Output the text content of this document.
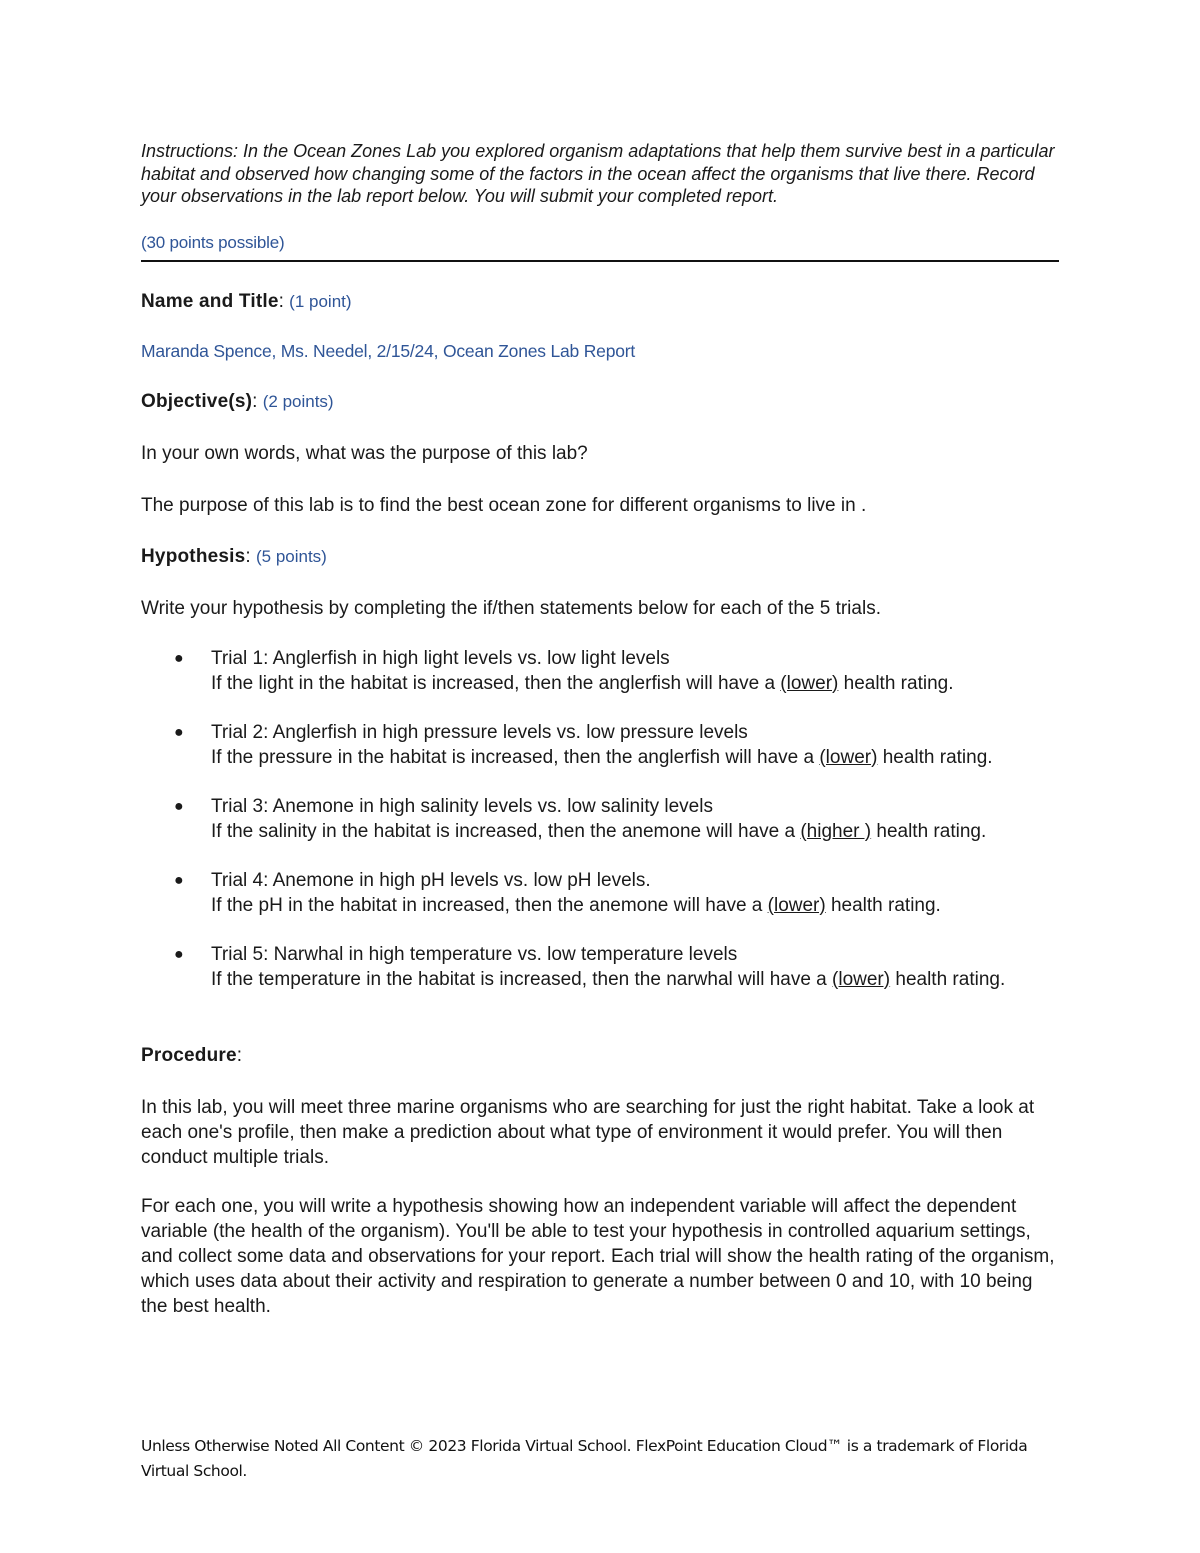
Instructions: In the Ocean Zones Lab you explored organism adaptations that help them survive best in a particular habitat and observed how changing some of the factors in the ocean affect the organisms that live there. Record your observations in the lab report below. You will submit your completed report.

(30 points possible)

Name and Title: (1 point)

Maranda Spence, Ms. Needel, 2/15/24, Ocean Zones Lab Report

Objective(s): (2 points)

In your own words, what was the purpose of this lab?

The purpose of this lab is to find the best ocean zone for different organisms to live in .

Hypothesis: (5 points)

Write your hypothesis by completing the if/then statements below for each of the 5 trials.

● Trial 1: Anglerfish in high light levels vs. low light levels
If the light in the habitat is increased, then the anglerfish will have a (lower) health rating.
● Trial 2: Anglerfish in high pressure levels vs. low pressure levels
If the pressure in the habitat is increased, then the anglerfish will have a (lower) health rating.
● Trial 3: Anemone in high salinity levels vs. low salinity levels
If the salinity in the habitat is increased, then the anemone will have a (higher ) health rating.
● Trial 4: Anemone in high pH levels vs. low pH levels.
If the pH in the habitat in increased, then the anemone will have a (lower) health rating.
● Trial 5: Narwhal in high temperature vs. low temperature levels
If the temperature in the habitat is increased, then the narwhal will have a (lower) health rating.

Procedure:

In this lab, you will meet three marine organisms who are searching for just the right habitat. Take a look at each one's profile, then make a prediction about what type of environment it would prefer. You will then conduct multiple trials.

For each one, you will write a hypothesis showing how an independent variable will affect the dependent variable (the health of the organism). You'll be able to test your hypothesis in controlled aquarium settings, and collect some data and observations for your report. Each trial will show the health rating of the organism, which uses data about their activity and respiration to generate a number between 0 and 10, with 10 being the best health.

Unless Otherwise Noted All Content © 2023 Florida Virtual School. FlexPoint Education Cloud™ is a trademark of Florida Virtual School.
